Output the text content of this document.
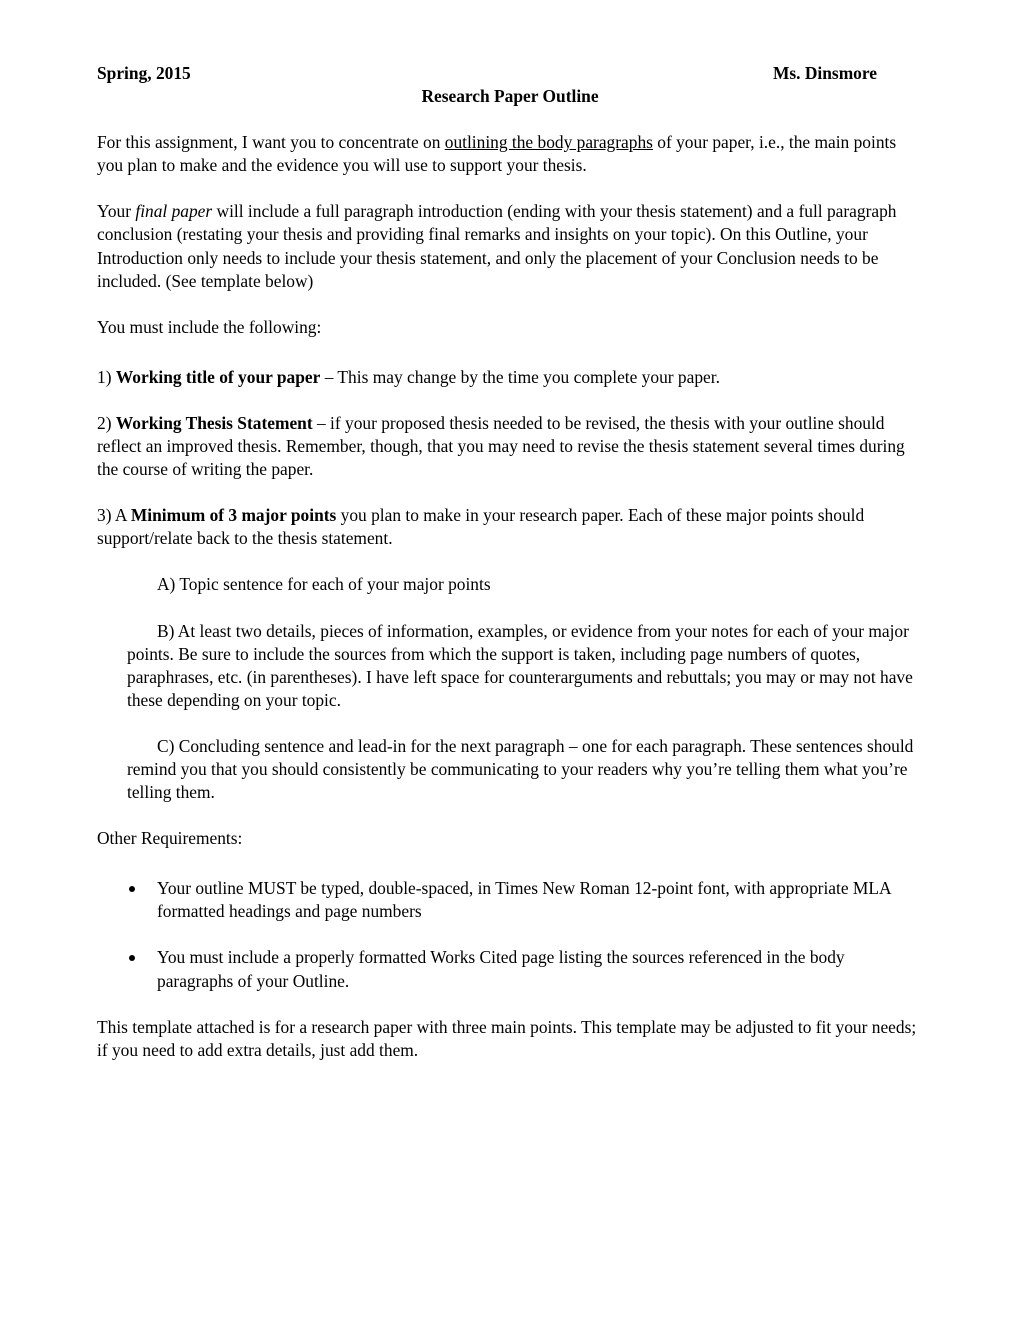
Spring, 2015	Ms. Dinsmore
Research Paper Outline

For this assignment, I want you to concentrate on outlining the body paragraphs of your paper, i.e., the main points you plan to make and the evidence you will use to support your thesis.

Your final paper will include a full paragraph introduction (ending with your thesis statement) and a full paragraph conclusion (restating your thesis and providing final remarks and insights on your topic). On this Outline, your Introduction only needs to include your thesis statement, and only the placement of your Conclusion needs to be included. (See template below)

You must include the following:

1) Working title of your paper – This may change by the time you complete your paper.

2) Working Thesis Statement – if your proposed thesis needed to be revised, the thesis with your outline should reflect an improved thesis. Remember, though, that you may need to revise the thesis statement several times during the course of writing the paper.

3) A Minimum of 3 major points you plan to make in your research paper. Each of these major points should support/relate back to the thesis statement.

A) Topic sentence for each of your major points

B) At least two details, pieces of information, examples, or evidence from your notes for each of your major points. Be sure to include the sources from which the support is taken, including page numbers of quotes, paraphrases, etc. (in parentheses). I have left space for counterarguments and rebuttals; you may or may not have these depending on your topic.

C) Concluding sentence and lead-in for the next paragraph – one for each paragraph. These sentences should remind you that you should consistently be communicating to your readers why you’re telling them what you’re telling them.

Other Requirements:

Your outline MUST be typed, double-spaced, in Times New Roman 12-point font, with appropriate MLA formatted headings and page numbers
You must include a properly formatted Works Cited page listing the sources referenced in the body paragraphs of your Outline.

This template attached is for a research paper with three main points. This template may be adjusted to fit your needs; if you need to add extra details, just add them.
